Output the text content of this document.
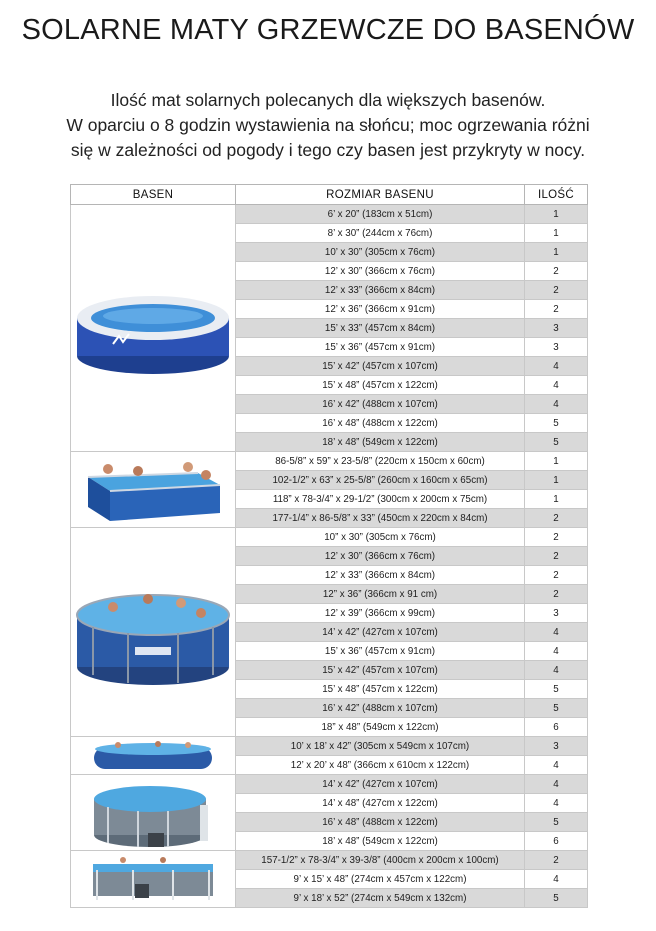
SOLARNE MATY GRZEWCZE DO BASENÓW
Ilość mat solarnych polecanych dla większych basenów.
W oparciu o 8 godzin wystawienia na słońcu; moc ogrzewania różni
się w zależności od pogody i tego czy basen jest przykryty w nocy.
BASEN	ROZMIAR BASENU	ILOŚĆ

	6’ x 20” (183cm x 51cm)	1
	8’ x 30” (244cm x 76cm)	1
	10’ x 30” (305cm x 76cm)	1
	12’ x 30” (366cm x 76cm)	2
	12’ x 33” (366cm x 84cm)	2
	12’ x 36” (366cm x 91cm)	2
	15’ x 33” (457cm x 84cm)	3
	15’ x 36” (457cm x 91cm)	3
	15’ x 42” (457cm x 107cm)	4
	15’ x 48” (457cm x 122cm)	4
	16’ x 42” (488cm x 107cm)	4
	16’ x 48” (488cm x 122cm)	5
	18’ x 48” (549cm x 122cm)	5

	86-5/8” x 59” x 23-5/8” (220cm x 150cm x 60cm)	1
	102-1/2” x 63” x 25-5/8” (260cm x 160cm x 65cm)	1
	118” x 78-3/4” x 29-1/2” (300cm x 200cm x 75cm)	1
	177-1/4” x 86-5/8” x 33” (450cm x 220cm x 84cm)	2

	10” x 30” (305cm x 76cm)	2
	12’ x 30” (366cm x 76cm)	2
	12’ x 33” (366cm x 84cm)	2
	12” x 36” (366cm x 91 cm)	2
	12’ x 39” (366cm x 99cm)	3
	14’ x 42” (427cm x 107cm)	4
	15’ x 36” (457cm x 91cm)	4
	15’ x 42” (457cm x 107cm)	4
	15’ x 48” (457cm x 122cm)	5
	16’ x 42” (488cm x 107cm)	5
	18” x 48” (549cm x 122cm)	6

	10’ x 18’ x 42” (305cm x 549cm x 107cm)	3
	12’ x 20’ x 48” (366cm x 610cm x 122cm)	4

	14’ x 42” (427cm x 107cm)	4
	14’ x 48” (427cm x 122cm)	4
	16’ x 48” (488cm x 122cm)	5
	18’ x 48” (549cm x 122cm)	6

	157-1/2” x 78-3/4” x 39-3/8” (400cm x 200cm x 100cm)	2
	9’ x 15’ x 48” (274cm x 457cm x 122cm)	4
	9’ x 18’ x 52” (274cm x 549cm x 132cm)	5
